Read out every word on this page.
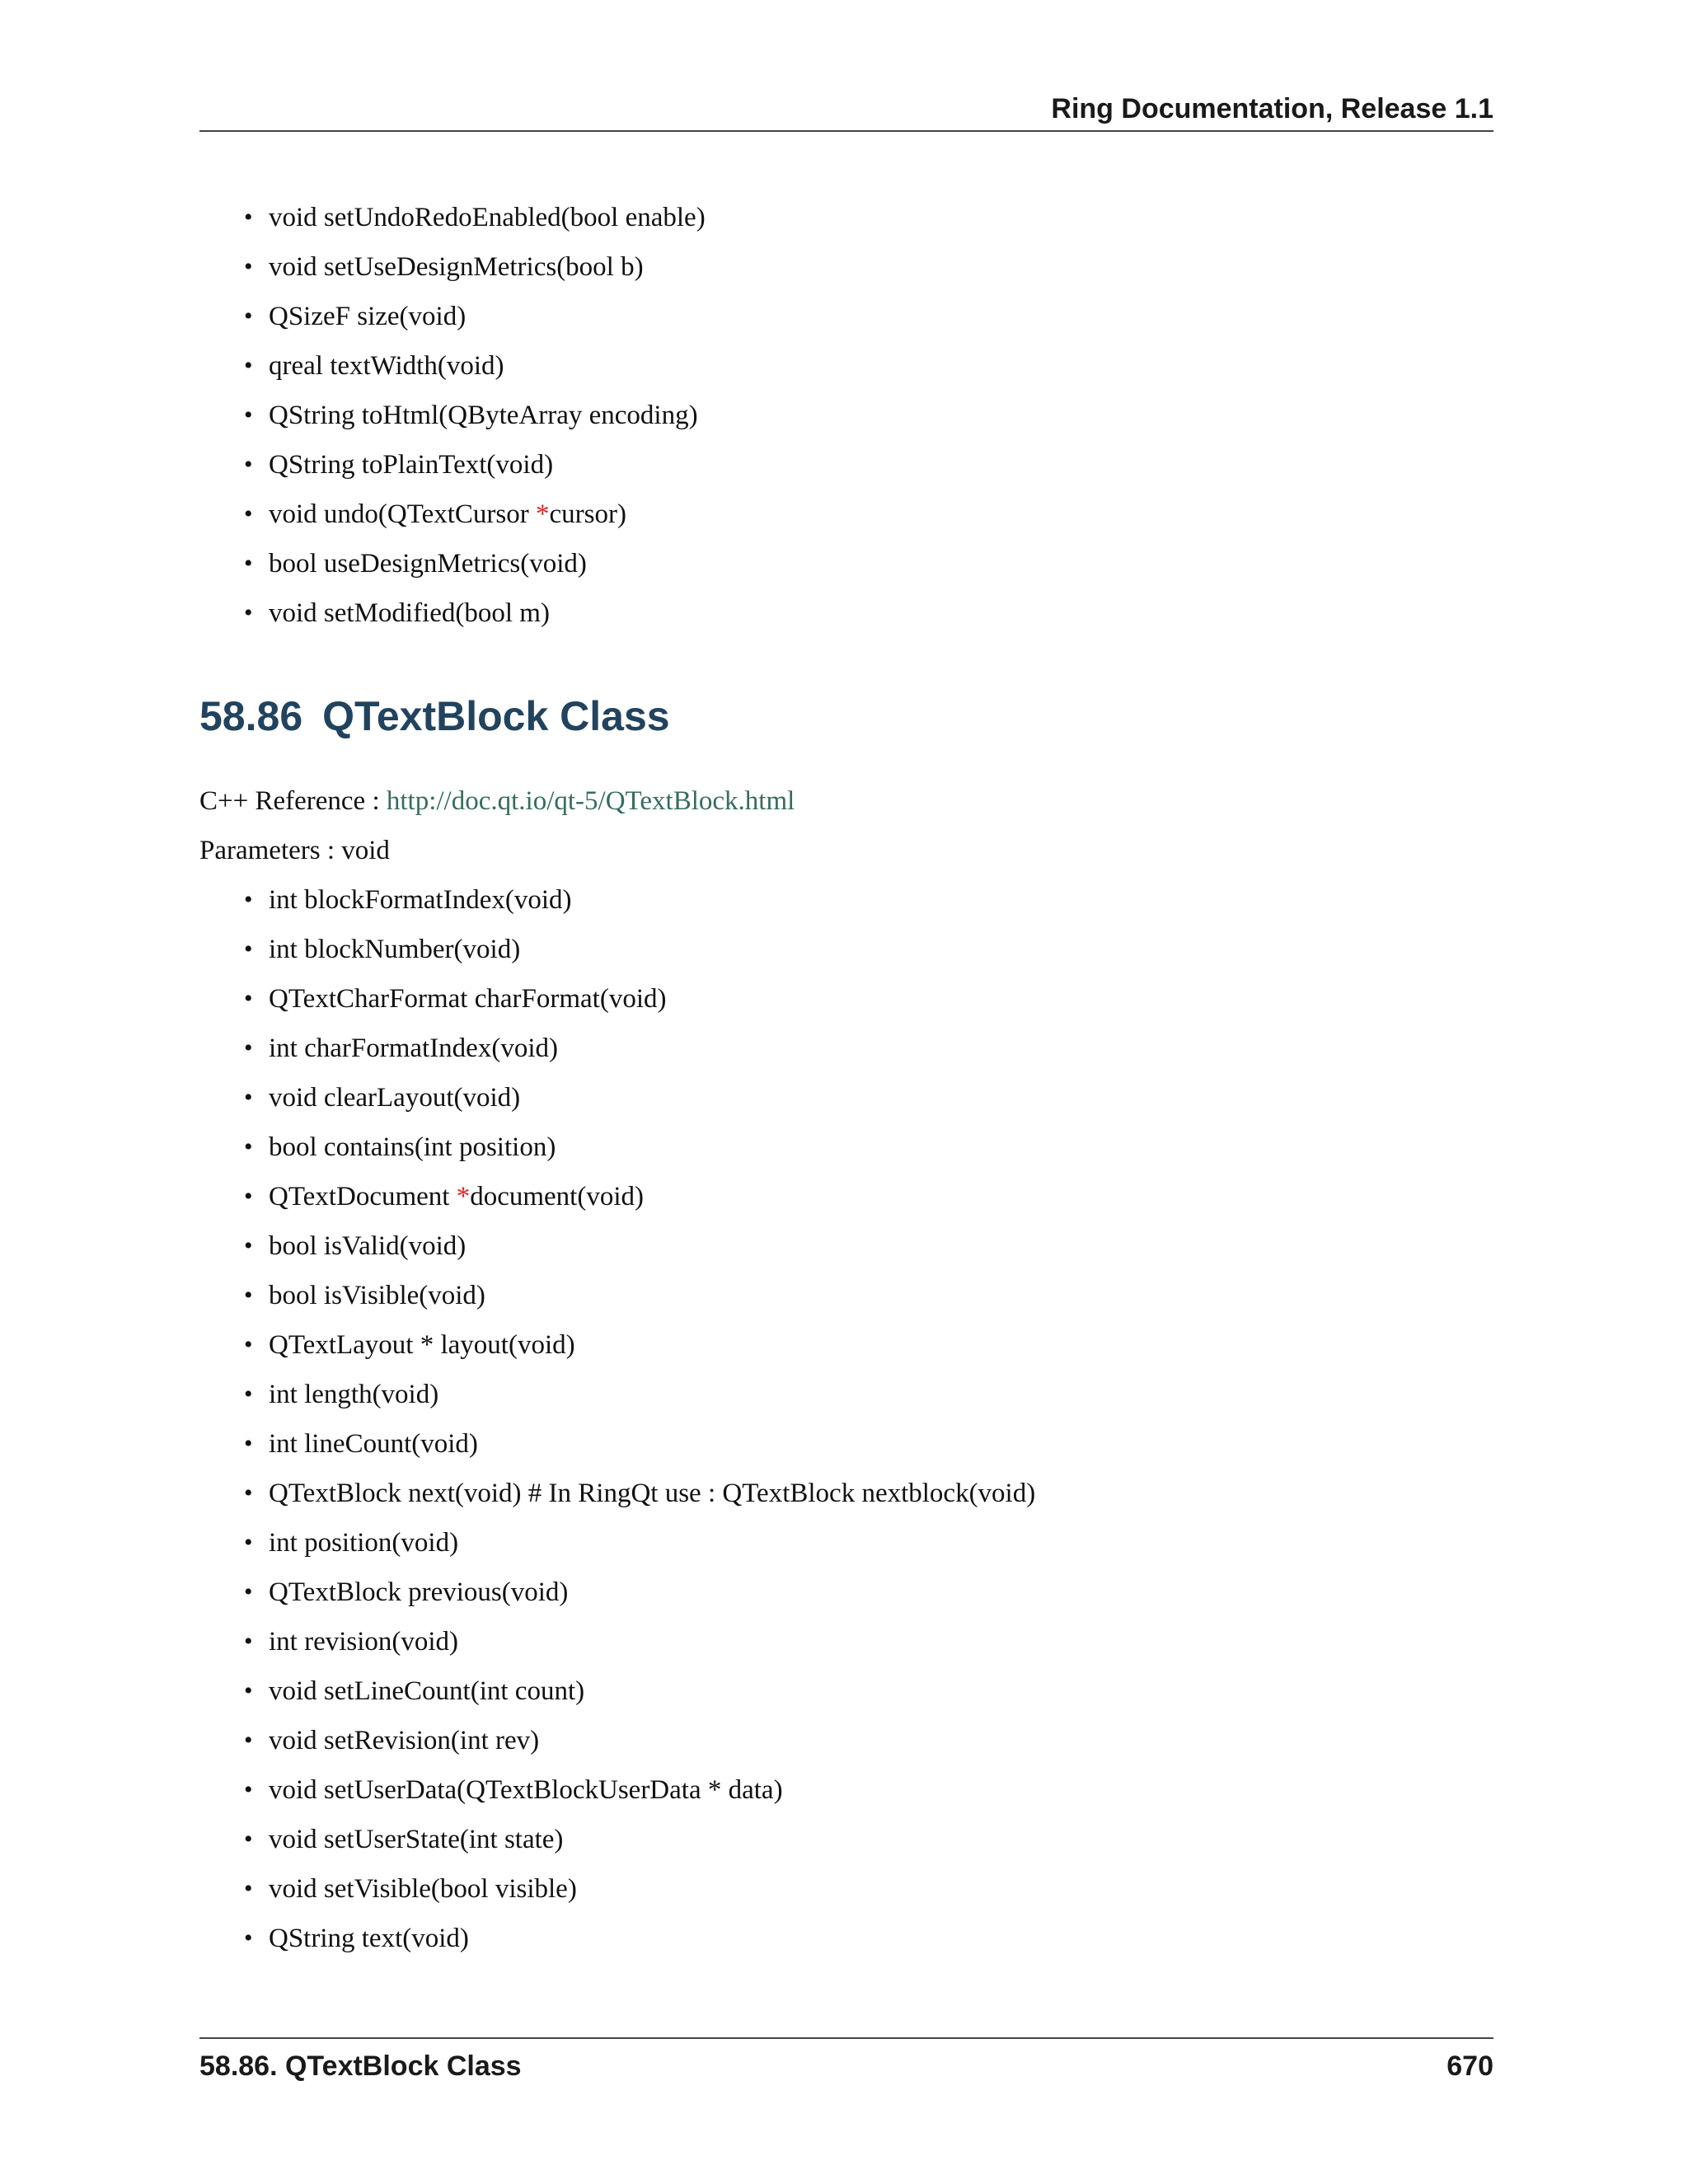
Ring Documentation, Release 1.1
• void setUndoRedoEnabled(bool enable)
• void setUseDesignMetrics(bool b)
• QSizeF size(void)
• qreal textWidth(void)
• QString toHtml(QByteArray encoding)
• QString toPlainText(void)
• void undo(QTextCursor *cursor)
• bool useDesignMetrics(void)
• void setModified(bool m)
58.86 QTextBlock Class

C++ Reference : http://doc.qt.io/qt-5/QTextBlock.html

Parameters : void

• int blockFormatIndex(void)
• int blockNumber(void)
• QTextCharFormat charFormat(void)
• int charFormatIndex(void)
• void clearLayout(void)
• bool contains(int position)
• QTextDocument *document(void)
• bool isValid(void)
• bool isVisible(void)
• QTextLayout * layout(void)
• int length(void)
• int lineCount(void)
• QTextBlock next(void) # In RingQt use : QTextBlock nextblock(void)
• int position(void)
• QTextBlock previous(void)
• int revision(void)
• void setLineCount(int count)
• void setRevision(int rev)
• void setUserData(QTextBlockUserData * data)
• void setUserState(int state)
• void setVisible(bool visible)
• QString text(void)
58.86. QTextBlock Class	670
